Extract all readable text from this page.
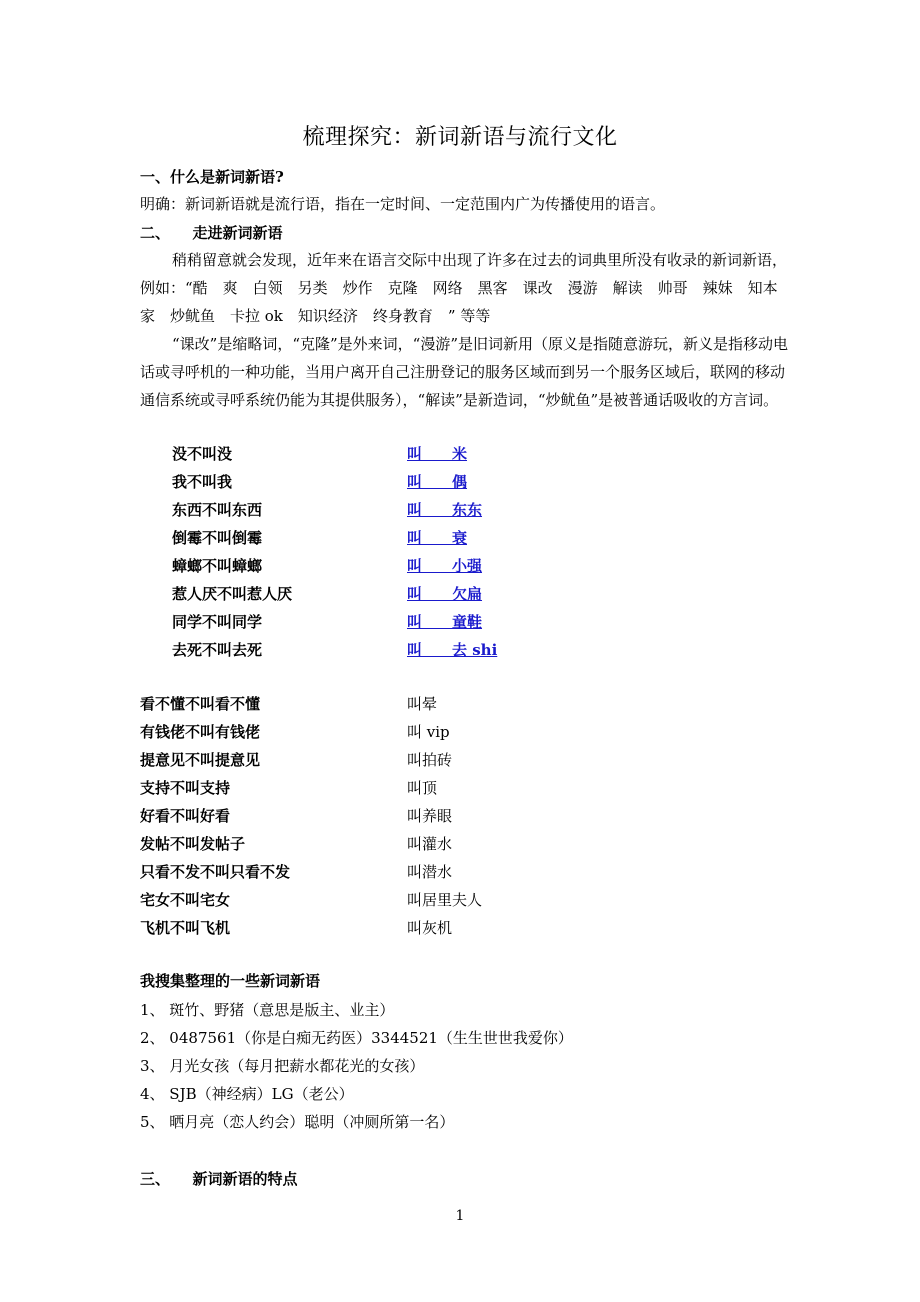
梳理探究：新词新语与流行文化
一、什么是新词新语?
明确：新词新语就是流行语，指在一定时间、一定范围内广为传播使用的语言。
二、　　走进新词新语
稍稍留意就会发现，近年来在语言交际中出现了许多在过去的词典里所没有收录的新词新语，例如：“酷　爽　白领　另类　炒作　克隆　网络　黑客　课改　漫游　解读　帅哥　辣妹　知本家　炒鱿鱼　卡拉 ok　知识经济　终身教育　” 等等
“课改”是缩略词，“克隆”是外来词，“漫游”是旧词新用（原义是指随意游玩，新义是指移动电话或寻呼机的一种功能，当用户离开自己注册登记的服务区域而到另一个服务区域后，联网的移动通信系统或寻呼系统仍能为其提供服务），“解读”是新造词，“炒鱿鱼”是被普通话吸收的方言词。
没不叫没	叫　　米
我不叫我	叫　　偶
东西不叫东西	叫　　东东
倒霉不叫倒霉	叫　　衰
蟑螂不叫蟑螂	叫　　小强
惹人厌不叫惹人厌	叫　　欠扁
同学不叫同学	叫　　童鞋
去死不叫去死	叫　　去 shi
看不懂不叫看不懂	叫晕
有钱佬不叫有钱佬	叫 vip
提意见不叫提意见	叫拍砖
支持不叫支持	叫顶
好看不叫好看	叫养眼
发帖不叫发帖子	叫灌水
只看不发不叫只看不发	叫潜水
宅女不叫宅女	叫居里夫人
飞机不叫飞机	叫灰机
我搜集整理的一些新词新语
1、 斑竹、野猪（意思是版主、业主）
2、 0487561（你是白痴无药医）3344521（生生世世我爱你）
3、 月光女孩（每月把薪水都花光的女孩）
4、 SJB（神经病）LG（老公）
5、 晒月亮（恋人约会）聪明（冲厕所第一名）
三、　　新词新语的特点
1
